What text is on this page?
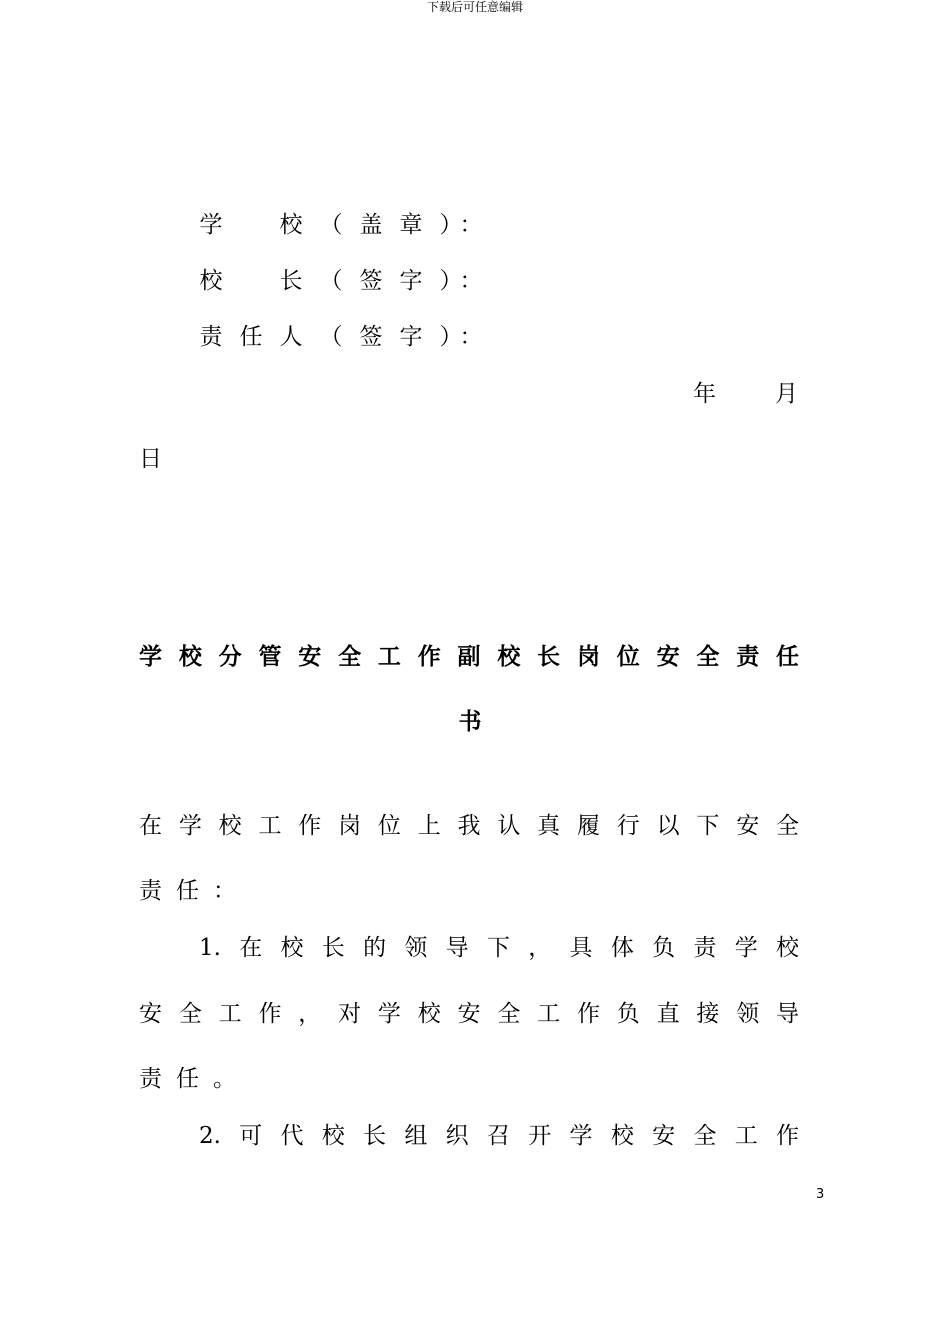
下载后可任意编辑
学 校 （ 盖 章 ）
：
校 长 （ 签 字 ）
：
责 任 人 （ 签 字 ）
：
年	月
日
学校分管安全工作副校长岗位安全责任
书
在学校工作岗位上我认真履行以下安全
责任：
1.在校长的领导下，具体负责学校
安全工作，对学校安全工作负直接领导
责任。
2.可代校长组织召开学校安全工作
3
